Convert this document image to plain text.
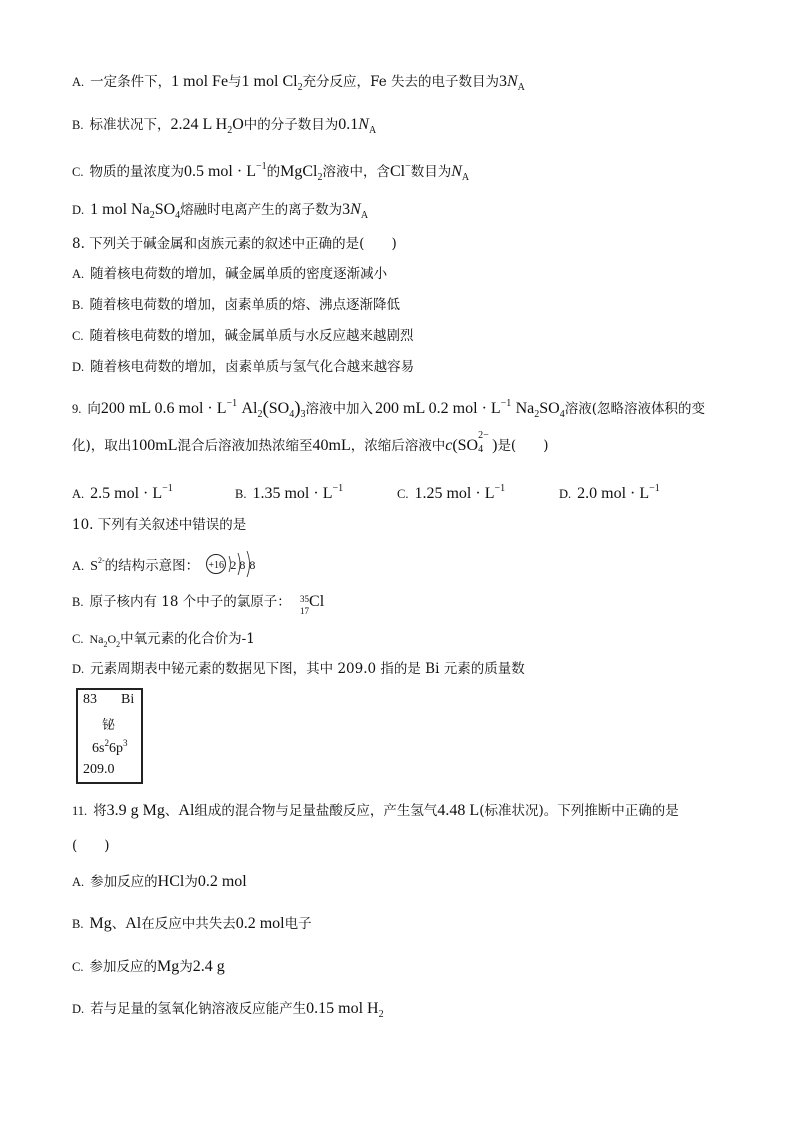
A. 一定条件下，1 mol Fe与1 mol $Cl_2$充分反应，Fe 失去的电子数目为$3N_A$
B. 标准状况下，2.24 L $H_2O$中的分子数目为$0.1N_A$
C. 物质的量浓度为0.5 mol · $L^{-1}$的MgCl$_2$溶液中，含Cl−数目为$N_A$
D. 1 mol $Na_2SO_4$熔融时电离产生的离子数为$3N_A$
8. 下列关于碱金属和卤族元素的叙述中正确的是(　　)
A. 随着核电荷数的增加，碱金属单质的密度逐渐减小
B. 随着核电荷数的增加，卤素单质的熔、沸点逐渐降低
C. 随着核电荷数的增加，碱金属单质与水反应越来越剧烈
D. 随着核电荷数的增加，卤素单质与氢气化合越来越容易
9. 向200 mL 0.6 mol · $L^{-1}$ $Al_2(SO_4)_3$溶液中加入 200 mL 0.2 mol · $L^{-1}$ $Na_2SO_4$溶液(忽略溶液体积的变
化)，取出100mL混合后溶液加热浓缩至40mL，浓缩后溶液中c(SO
2−
4 )是(　　)
A. 2.5 mol · $L^{-1}$	B. 1.35 mol · $L^{-1}$	C. 1.25 mol · $L^{-1}$	D. 2.0 mol · $L^{-1}$
10. 下列有关叙述中错误的是
A. $S^{2-}$的结构示意图： +16 2 8 8
B. 原子核内有 18 个中子的氯原子： 35
17
Cl
C. $Na_2O_2$中氧元素的化合价为-1
D. 元素周期表中铋元素的数据见下图，其中 209.0 指的是 Bi 元素的质量数
83 Bi
铋
$6s^26p^3$
209.0
11. 将3.9 g Mg、Al组成的混合物与足量盐酸反应，产生氢气4.48 L(标准状况)。下列推断中正确的是
(　　)
A. 参加反应的HCl为0.2 mol
B. Mg、Al在反应中共失去0.2 mol电子
C. 参加反应的Mg为2.4 g
D. 若与足量的氢氧化钠溶液反应能产生0.15 mol $H_2$
